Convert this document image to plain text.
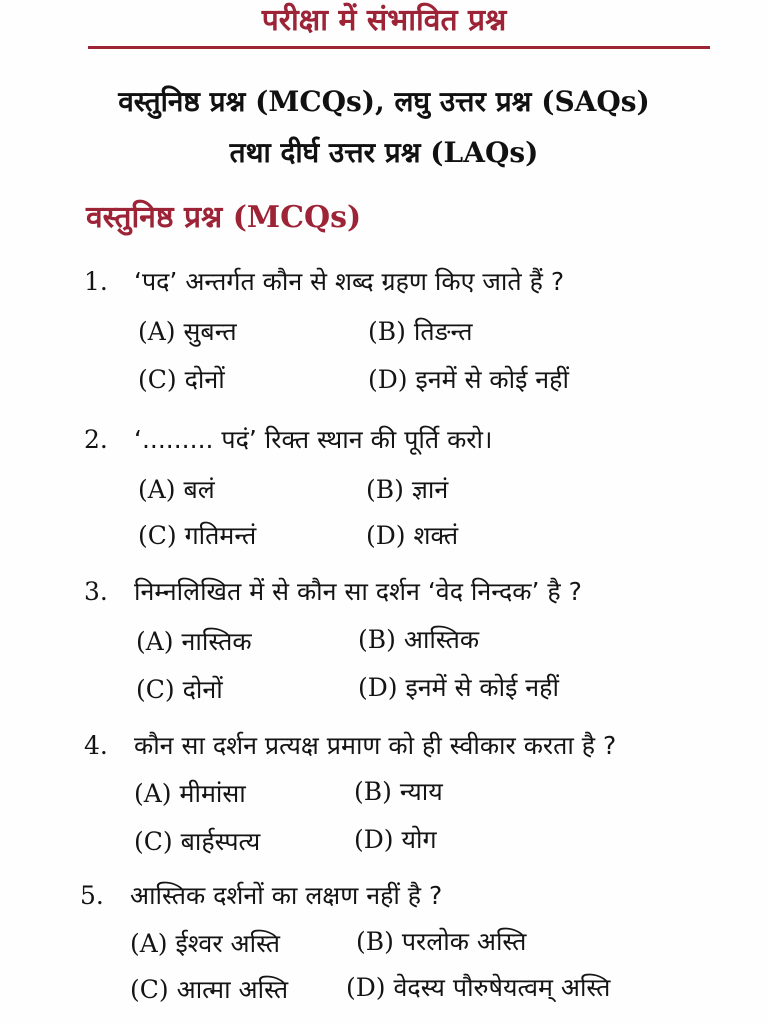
परीक्षा में संभावित प्रश्न
वस्तुनिष्ठ प्रश्न (MCQs), लघु उत्तर प्रश्न (SAQs)
तथा दीर्घ उत्तर प्रश्न (LAQs)
वस्तुनिष्ठ प्रश्न (MCQs)
1. ‘पद’ अन्तर्गत कौन से शब्द ग्रहण किए जाते हैं ?
(A) सुबन्त	(B) तिङन्त
(C) दोनों	(D) इनमें से कोई नहीं
2. ‘......... पदं’ रिक्त स्थान की पूर्ति करो।
(A) बलं	(B) ज्ञानं
(C) गतिमन्तं	(D) शक्तं
3. निम्नलिखित में से कौन सा दर्शन ‘वेद निन्दक’ है ?
(A) नास्तिक	(B) आस्तिक
(C) दोनों	(D) इनमें से कोई नहीं
4. कौन सा दर्शन प्रत्यक्ष प्रमाण को ही स्वीकार करता है ?
(A) मीमांसा	(B) न्याय
(C) बार्हस्पत्य	(D) योग
5. आस्तिक दर्शनों का लक्षण नहीं है ?
(A) ईश्वर अस्ति	(B) परलोक अस्ति
(C) आत्मा अस्ति (D) वेदस्य पौरुषेयत्वम् अस्ति
